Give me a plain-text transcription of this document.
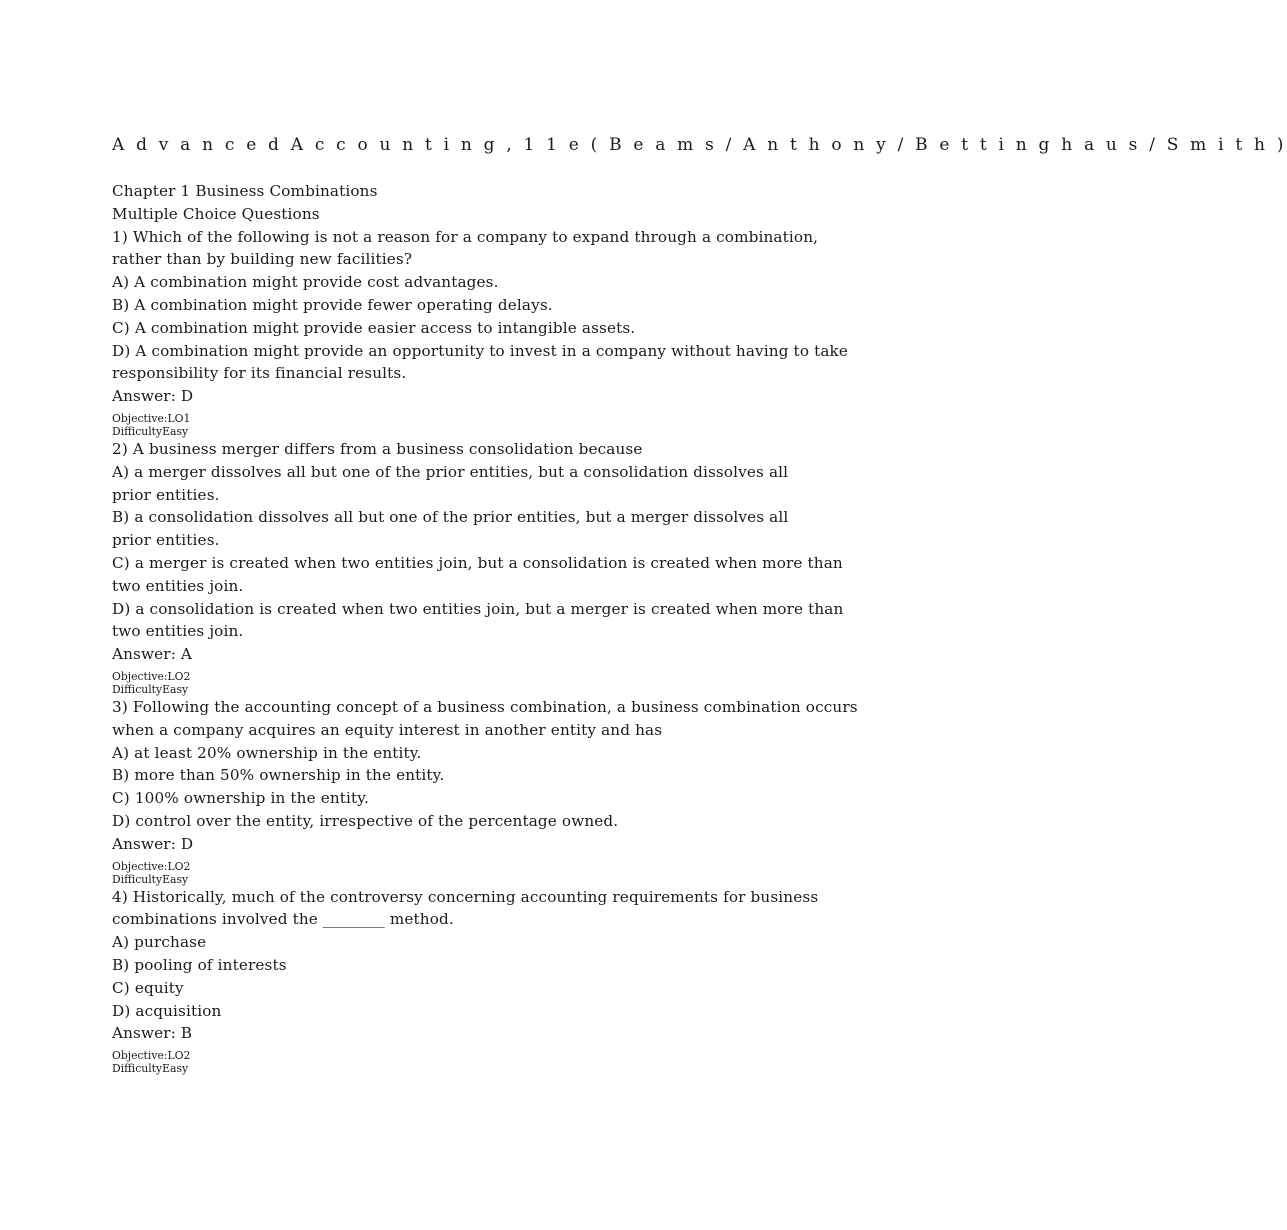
A d v a n c e d A c c o u n t i n g , 1 1 e ( B e a m s / A n t h o n y / B e t t i n g h a u s / S m i t h )
Chapter 1 Business Combinations
Multiple Choice Questions
1) Which of the following is not a reason for a company to expand through a combination,
rather than by building new facilities?
A) A combination might provide cost advantages.
B) A combination might provide fewer operating delays.
C) A combination might provide easier access to intangible assets.
D) A combination might provide an opportunity to invest in a company without having to take
responsibility for its financial results.
Answer: D
Objective:LO1
DifficultyEasy
2) A business merger differs from a business consolidation because
A) a merger dissolves all but one of the prior entities, but a consolidation dissolves all
prior entities.
B) a consolidation dissolves all but one of the prior entities, but a merger dissolves all
prior entities.
C) a merger is created when two entities join, but a consolidation is created when more than
two entities join.
D) a consolidation is created when two entities join, but a merger is created when more than
two entities join.
Answer: A
Objective:LO2
DifficultyEasy
3) Following the accounting concept of a business combination, a business combination occurs
when a company acquires an equity interest in another entity and has
A) at least 20% ownership in the entity.
B) more than 50% ownership in the entity.
C) 100% ownership in the entity.
D) control over the entity, irrespective of the percentage owned.
Answer: D
Objective:LO2
DifficultyEasy
4) Historically, much of the controversy concerning accounting requirements for business
combinations involved the ________ method.
A) purchase
B) pooling of interests
C) equity
D) acquisition
Answer: B
Objective:LO2
DifficultyEasy
